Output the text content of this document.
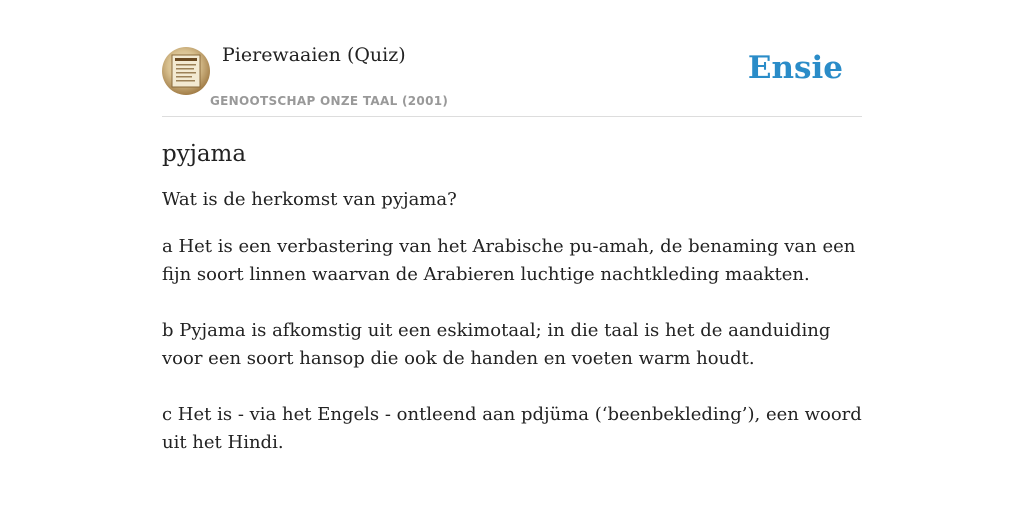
Pierewaaien (Quiz)
GENOOTSCHAP ONZE TAAL (2001)
Ensie
pyjama

Wat is de herkomst van pyjama?

a Het is een verbastering van het Arabische pu-amah, de benaming van een fijn soort linnen waarvan de Arabieren luchtige nachtkleding maakten.

b Pyjama is afkomstig uit een eskimotaal; in die taal is het de aanduiding voor een soort hansop die ook de handen en voeten warm houdt.

c Het is - via het Engels - ontleend aan pdjüma (‘beenbekleding’), een woord uit het Hindi.
